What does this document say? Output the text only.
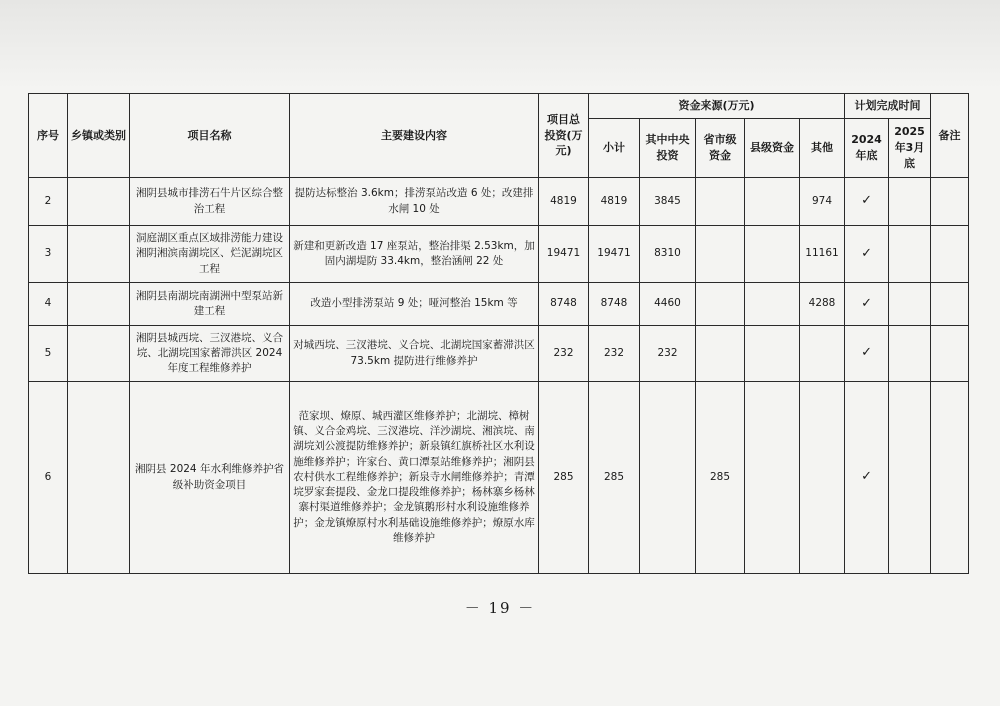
序号	乡镇或类别	项目名称	主要建设内容	项目总投资(万元)	资金来源(万元)					计划完成时间		备注
					小计	其中中央投资	省市级资金	县级资金	其他	2024年底	2025年3月底	
2		湘阴县城市排涝石牛片区综合整治工程	提防达标整治 3.6km；排涝泵站改造 6 处；改建排水闸 10 处	4819	4819	3845			974	✓		
3		洞庭湖区重点区域排涝能力建设湘阴湘滨南湖垸区、烂泥湖垸区工程	新建和更新改造 17 座泵站，整治排渠 2.53km，加固内湖堤防 33.4km，整治涵闸 22 处	19471	19471	8310			11161	✓		
4		湘阴县南湖垸南湖洲中型泵站新建工程	改造小型排涝泵站 9 处；哑河整治 15km 等	8748	8748	4460			4288	✓		
5		湘阴县城西垸、三汊港垸、义合垸、北湖垸国家蓄滞洪区 2024 年度工程维修养护	对城西垸、三汊港垸、义合垸、北湖垸国家蓄滞洪区 73.5km 提防进行维修养护	232	232	232				✓		
6		湘阴县 2024 年水利维修养护省级补助资金项目	范家坝、燎原、城西灌区维修养护；北湖垸、樟树镇、义合金鸡垸、三汊港垸、洋沙湖垸、湘滨垸、南湖垸刘公渡提防维修养护；新泉镇红旗桥社区水利设施维修养护；许家台、黄口潭泵站维修养护；湘阴县农村供水工程维修养护；新泉寺水闸维修养护；青潭垸罗家套提段、金龙口提段维修养护；杨林寨乡杨林寨村渠道维修养护；金龙镇鹅形村水利设施维修养护；金龙镇燎原村水利基础设施维修养护；燎原水库维修养护	285	285		285			✓		
－ 19 －
